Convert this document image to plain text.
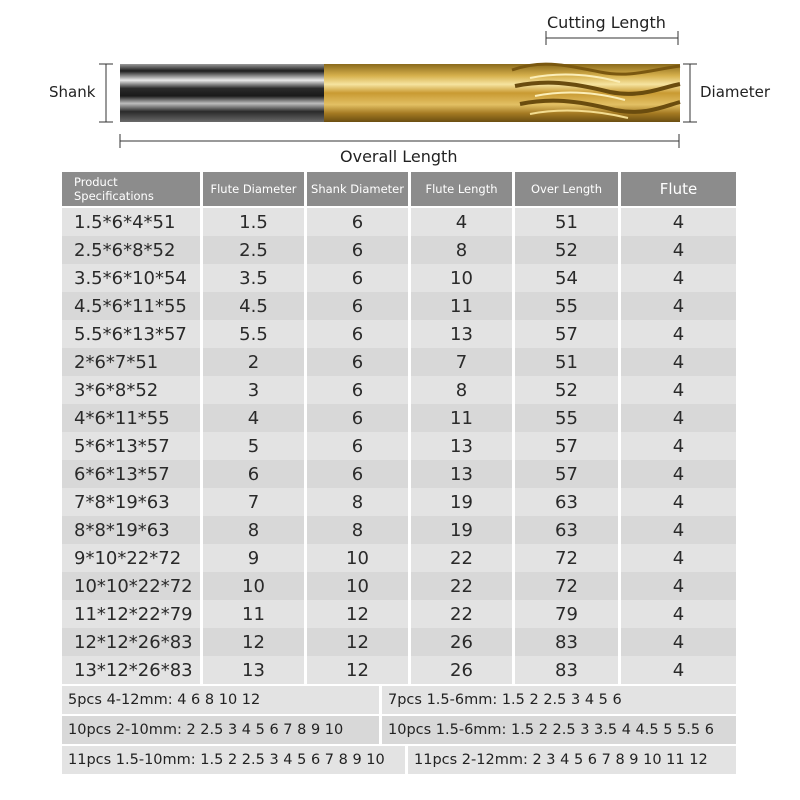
Cutting Length
Shank	Diameter
Overall Length
Product Specifications	Flute Diameter	Shank Diameter	Flute Length	Over Length	Flute
1.5*6*4*51	1.5	6	4	51	4
2.5*6*8*52	2.5	6	8	52	4
3.5*6*10*54	3.5	6	10	54	4
4.5*6*11*55	4.5	6	11	55	4
5.5*6*13*57	5.5	6	13	57	4
2*6*7*51	2	6	7	51	4
3*6*8*52	3	6	8	52	4
4*6*11*55	4	6	11	55	4
5*6*13*57	5	6	13	57	4
6*6*13*57	6	6	13	57	4
7*8*19*63	7	8	19	63	4
8*8*19*63	8	8	19	63	4
9*10*22*72	9	10	22	72	4
10*10*22*72	10	10	22	72	4
11*12*22*79	11	12	22	79	4
12*12*26*83	12	12	26	83	4
13*12*26*83	13	12	26	83	4
5pcs 4-12mm: 4 6 8 10 12	7pcs 1.5-6mm: 1.5 2 2.5 3 4 5 6
10pcs 2-10mm: 2 2.5 3 4 5 6 7 8 9 10	10pcs 1.5-6mm: 1.5 2 2.5 3 3.5 4 4.5 5 5.5 6
11pcs 1.5-10mm: 1.5 2 2.5 3 4 5 6 7 8 9 10	11pcs 2-12mm: 2 3 4 5 6 7 8 9 10 11 12
